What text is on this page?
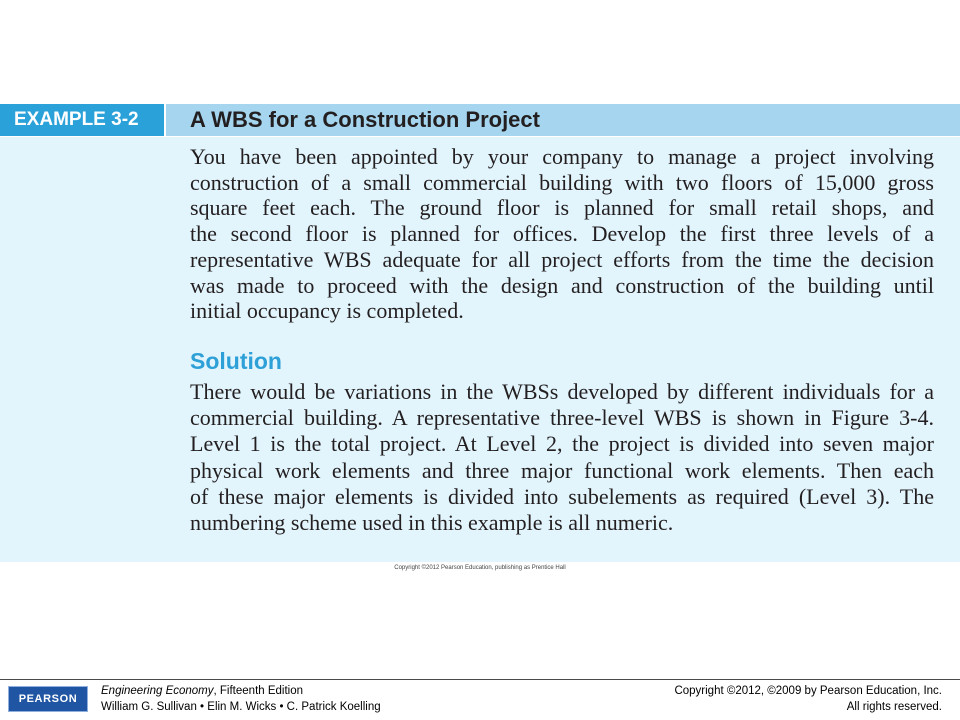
EXAMPLE 3-2	A WBS for a Construction Project
You have been appointed by your company to manage a project involving
construction of a small commercial building with two floors of 15,000 gross
square feet each. The ground floor is planned for small retail shops, and
the second floor is planned for offices. Develop the first three levels of a
representative WBS adequate for all project efforts from the time the decision
was made to proceed with the design and construction of the building until
initial occupancy is completed.
Solution
There would be variations in the WBSs developed by different individuals for a
commercial building. A representative three-level WBS is shown in Figure 3-4.
Level 1 is the total project. At Level 2, the project is divided into seven major
physical work elements and three major functional work elements. Then each
of these major elements is divided into subelements as required (Level 3). The
numbering scheme used in this example is all numeric.
Copyright ©2012 Pearson Education, publishing as Prentice Hall
PEARSON
Engineering Economy, Fifteenth Edition
William G. Sullivan • Elin M. Wicks • C. Patrick Koelling
Copyright ©2012, ©2009 by Pearson Education, Inc.
All rights reserved.
